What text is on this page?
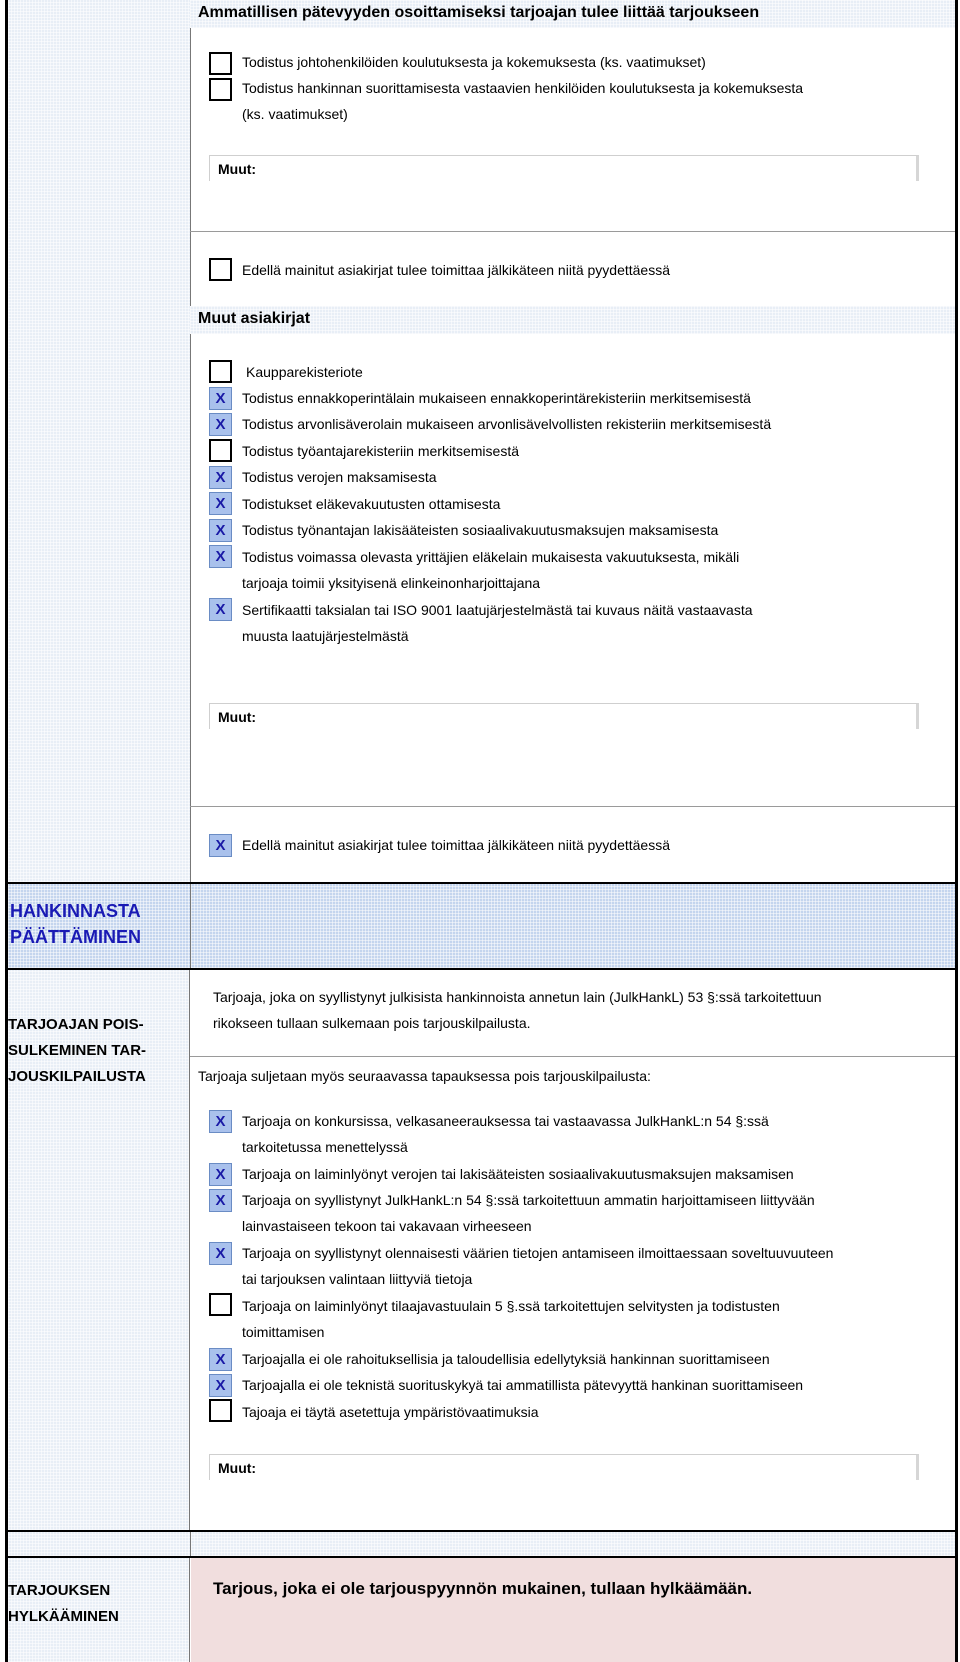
Ammatillisen pätevyyden osoittamiseksi tarjoajan tulee liittää tarjoukseen
Todistus johtohenkilöiden koulutuksesta ja kokemuksesta (ks. vaatimukset)
Todistus hankinnan suorittamisesta vastaavien henkilöiden koulutuksesta ja kokemuksesta
(ks. vaatimukset)
Muut:
Edellä mainitut asiakirjat tulee toimittaa jälkikäteen niitä pyydettäessä
Muut asiakirjat
Kaupparekisteriote
X	Todistus ennakkoperintälain mukaiseen ennakkoperintärekisteriin merkitsemisestä
X	Todistus arvonlisäverolain mukaiseen arvonlisävelvollisten rekisteriin merkitsemisestä
Todistus työantajarekisteriin merkitsemisestä
X	Todistus verojen maksamisesta
X	Todistukset eläkevakuutusten ottamisesta
X	Todistus työnantajan lakisääteisten sosiaalivakuutusmaksujen maksamisesta
X	Todistus voimassa olevasta yrittäjien eläkelain mukaisesta vakuutuksesta, mikäli
tarjoaja toimii yksityisenä elinkeinonharjoittajana
X	Sertifikaatti taksialan tai ISO 9001 laatujärjestelmästä tai kuvaus näitä vastaavasta
muusta laatujärjestelmästä
Muut:
X	Edellä mainitut asiakirjat tulee toimittaa jälkikäteen niitä pyydettäessä
HANKINNASTA
PÄÄTTÄMINEN
TARJOAJAN POIS-
SULKEMINEN TAR-
JOUSKILPAILUSTA
Tarjoaja, joka on syyllistynyt julkisista hankinnoista annetun lain (JulkHankL) 53 §:ssä tarkoitettuun
rikokseen tullaan sulkemaan pois tarjouskilpailusta.
Tarjoaja suljetaan myös seuraavassa tapauksessa pois tarjouskilpailusta:
X	Tarjoaja on konkursissa, velkasaneerauksessa tai vastaavassa JulkHankL:n 54 §:ssä
tarkoitetussa menettelyssä
X	Tarjoaja on laiminlyönyt verojen tai lakisääteisten sosiaalivakuutusmaksujen maksamisen
X	Tarjoaja on syyllistynyt JulkHankL:n 54 §:ssä tarkoitettuun ammatin harjoittamiseen liittyvään
lainvastaiseen tekoon tai vakavaan virheeseen
X	Tarjoaja on syyllistynyt olennaisesti väärien tietojen antamiseen ilmoittaessaan soveltuuvuuteen
tai tarjouksen valintaan liittyviä tietoja
Tarjoaja on laiminlyönyt tilaajavastuulain 5 §.ssä tarkoitettujen selvitysten ja todistusten
toimittamisen
X	Tarjoajalla ei ole rahoituksellisia ja taloudellisia edellytyksiä hankinnan suorittamiseen
X	Tarjoajalla ei ole teknistä suorituskykyä tai ammatillista pätevyyttä hankinan suorittamiseen
Tajoaja ei täytä asetettuja ympäristövaatimuksia
Muut:
TARJOUKSEN
HYLKÄÄMINEN
Tarjous, joka ei ole tarjouspyynnön mukainen, tullaan hylkäämään.
